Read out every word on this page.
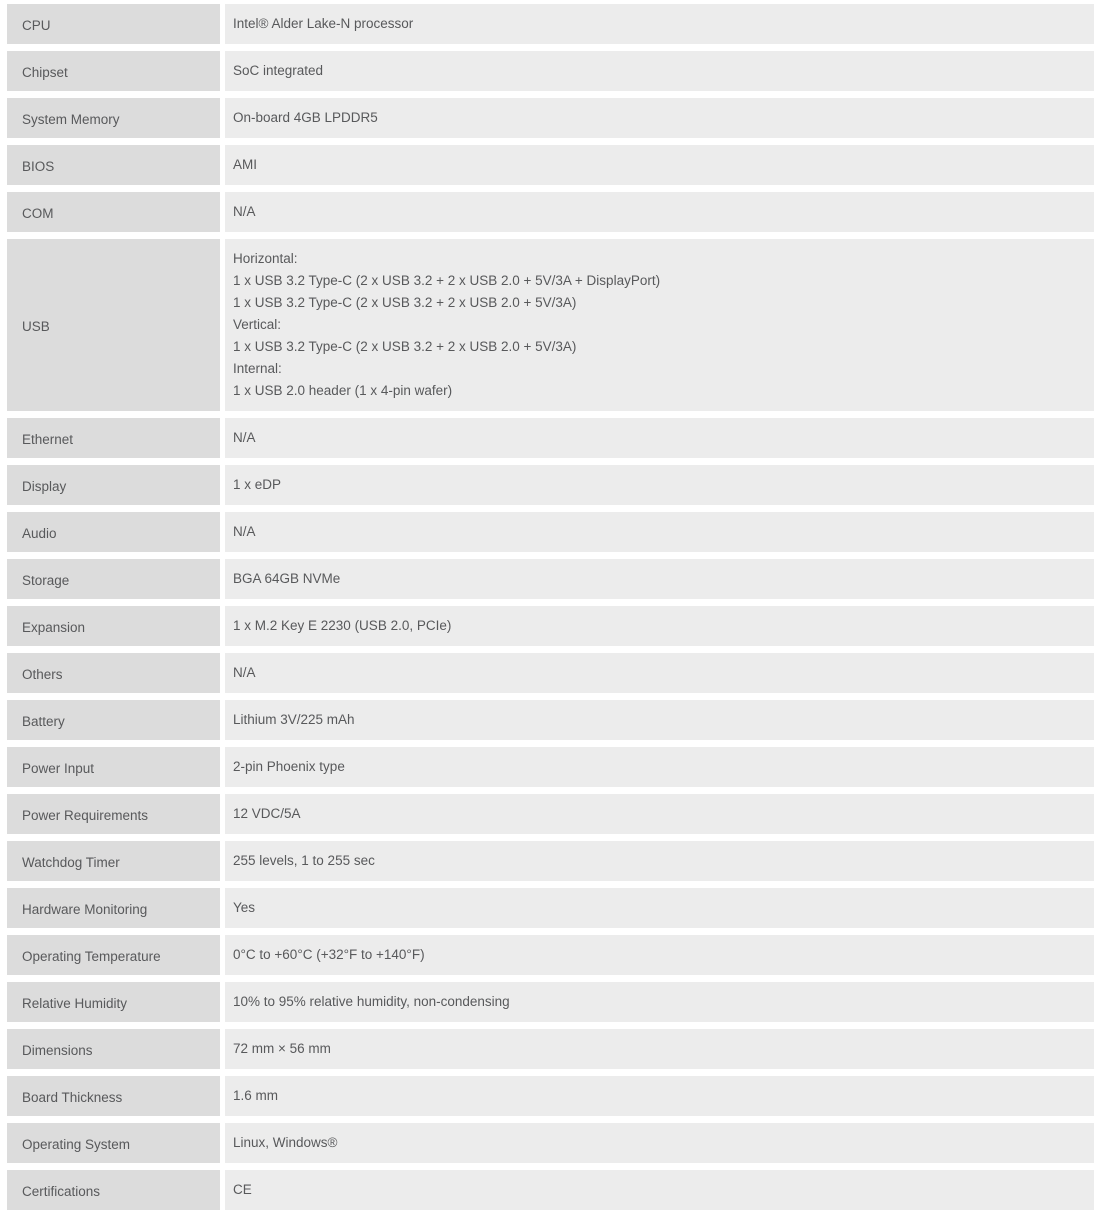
CPU	Intel® Alder Lake-N processor
Chipset	SoC integrated
System Memory	On-board 4GB LPDDR5
BIOS	AMI
COM	N/A
USB
Horizontal:
1 x USB 3.2 Type-C (2 x USB 3.2 + 2 x USB 2.0 + 5V/3A + DisplayPort)
1 x USB 3.2 Type-C (2 x USB 3.2 + 2 x USB 2.0 + 5V/3A)
Vertical:
1 x USB 3.2 Type-C (2 x USB 3.2 + 2 x USB 2.0 + 5V/3A)
Internal:
1 x USB 2.0 header (1 x 4-pin wafer)
Ethernet	N/A
Display	1 x eDP
Audio	N/A
Storage	BGA 64GB NVMe
Expansion	1 x M.2 Key E 2230 (USB 2.0, PCIe)
Others	N/A
Battery	Lithium 3V/225 mAh
Power Input	2-pin Phoenix type
Power Requirements	12 VDC/5A
Watchdog Timer	255 levels, 1 to 255 sec
Hardware Monitoring	Yes
Operating Temperature	0°C to +60°C (+32°F to +140°F)
Relative Humidity	10% to 95% relative humidity, non-condensing
Dimensions	72 mm × 56 mm
Board Thickness	1.6 mm
Operating System	Linux, Windows®
Certifications	CE
